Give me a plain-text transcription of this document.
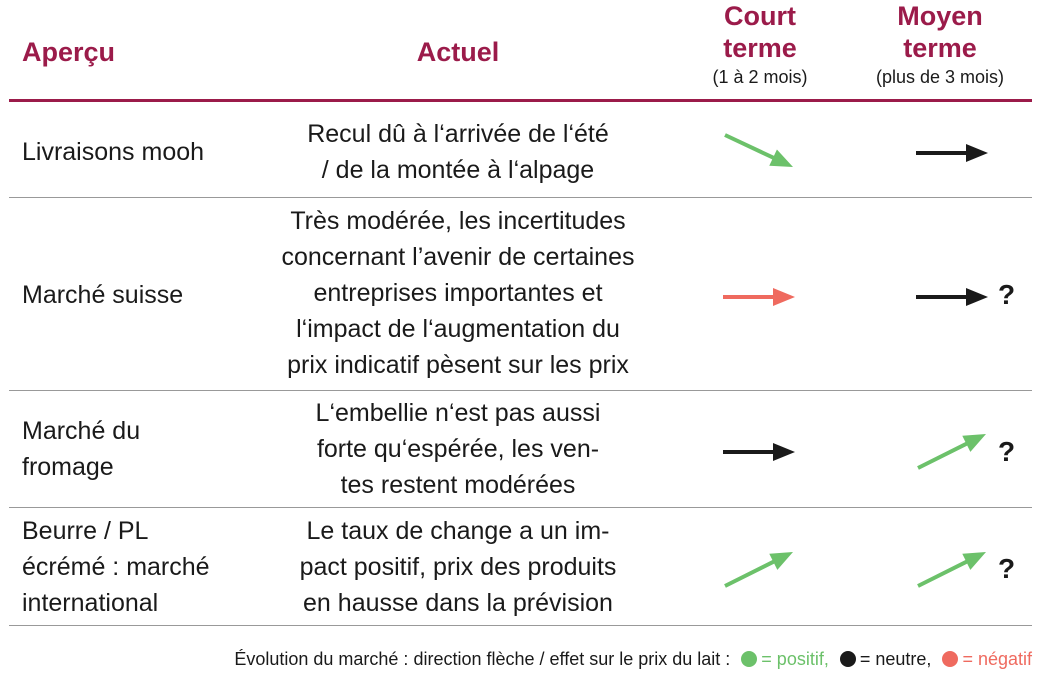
Aperçu	Actuel
Court
terme
(1 à 2 mois)
Moyen
terme
(plus de 3 mois)
Livraisons mooh
Recul dû à l‘arrivée de l‘été
/ de la montée à l‘alpage
Marché suisse
Très modérée, les incertitudes
concernant l’avenir de certaines
entreprises importantes et
l‘impact de l‘augmentation du
prix indicatif pèsent sur les prix
?
Marché du
fromage
L‘embellie n‘est pas aussi
forte qu‘espérée, les ven-
tes restent modérées
?
Beurre / PL
écrémé : marché
international
Le taux de change a un im-
pact positif, prix des produits
en hausse dans la prévision
?
Évolution du marché : direction flèche / effet sur le prix du lait : = positif, = neutre, = négatif
